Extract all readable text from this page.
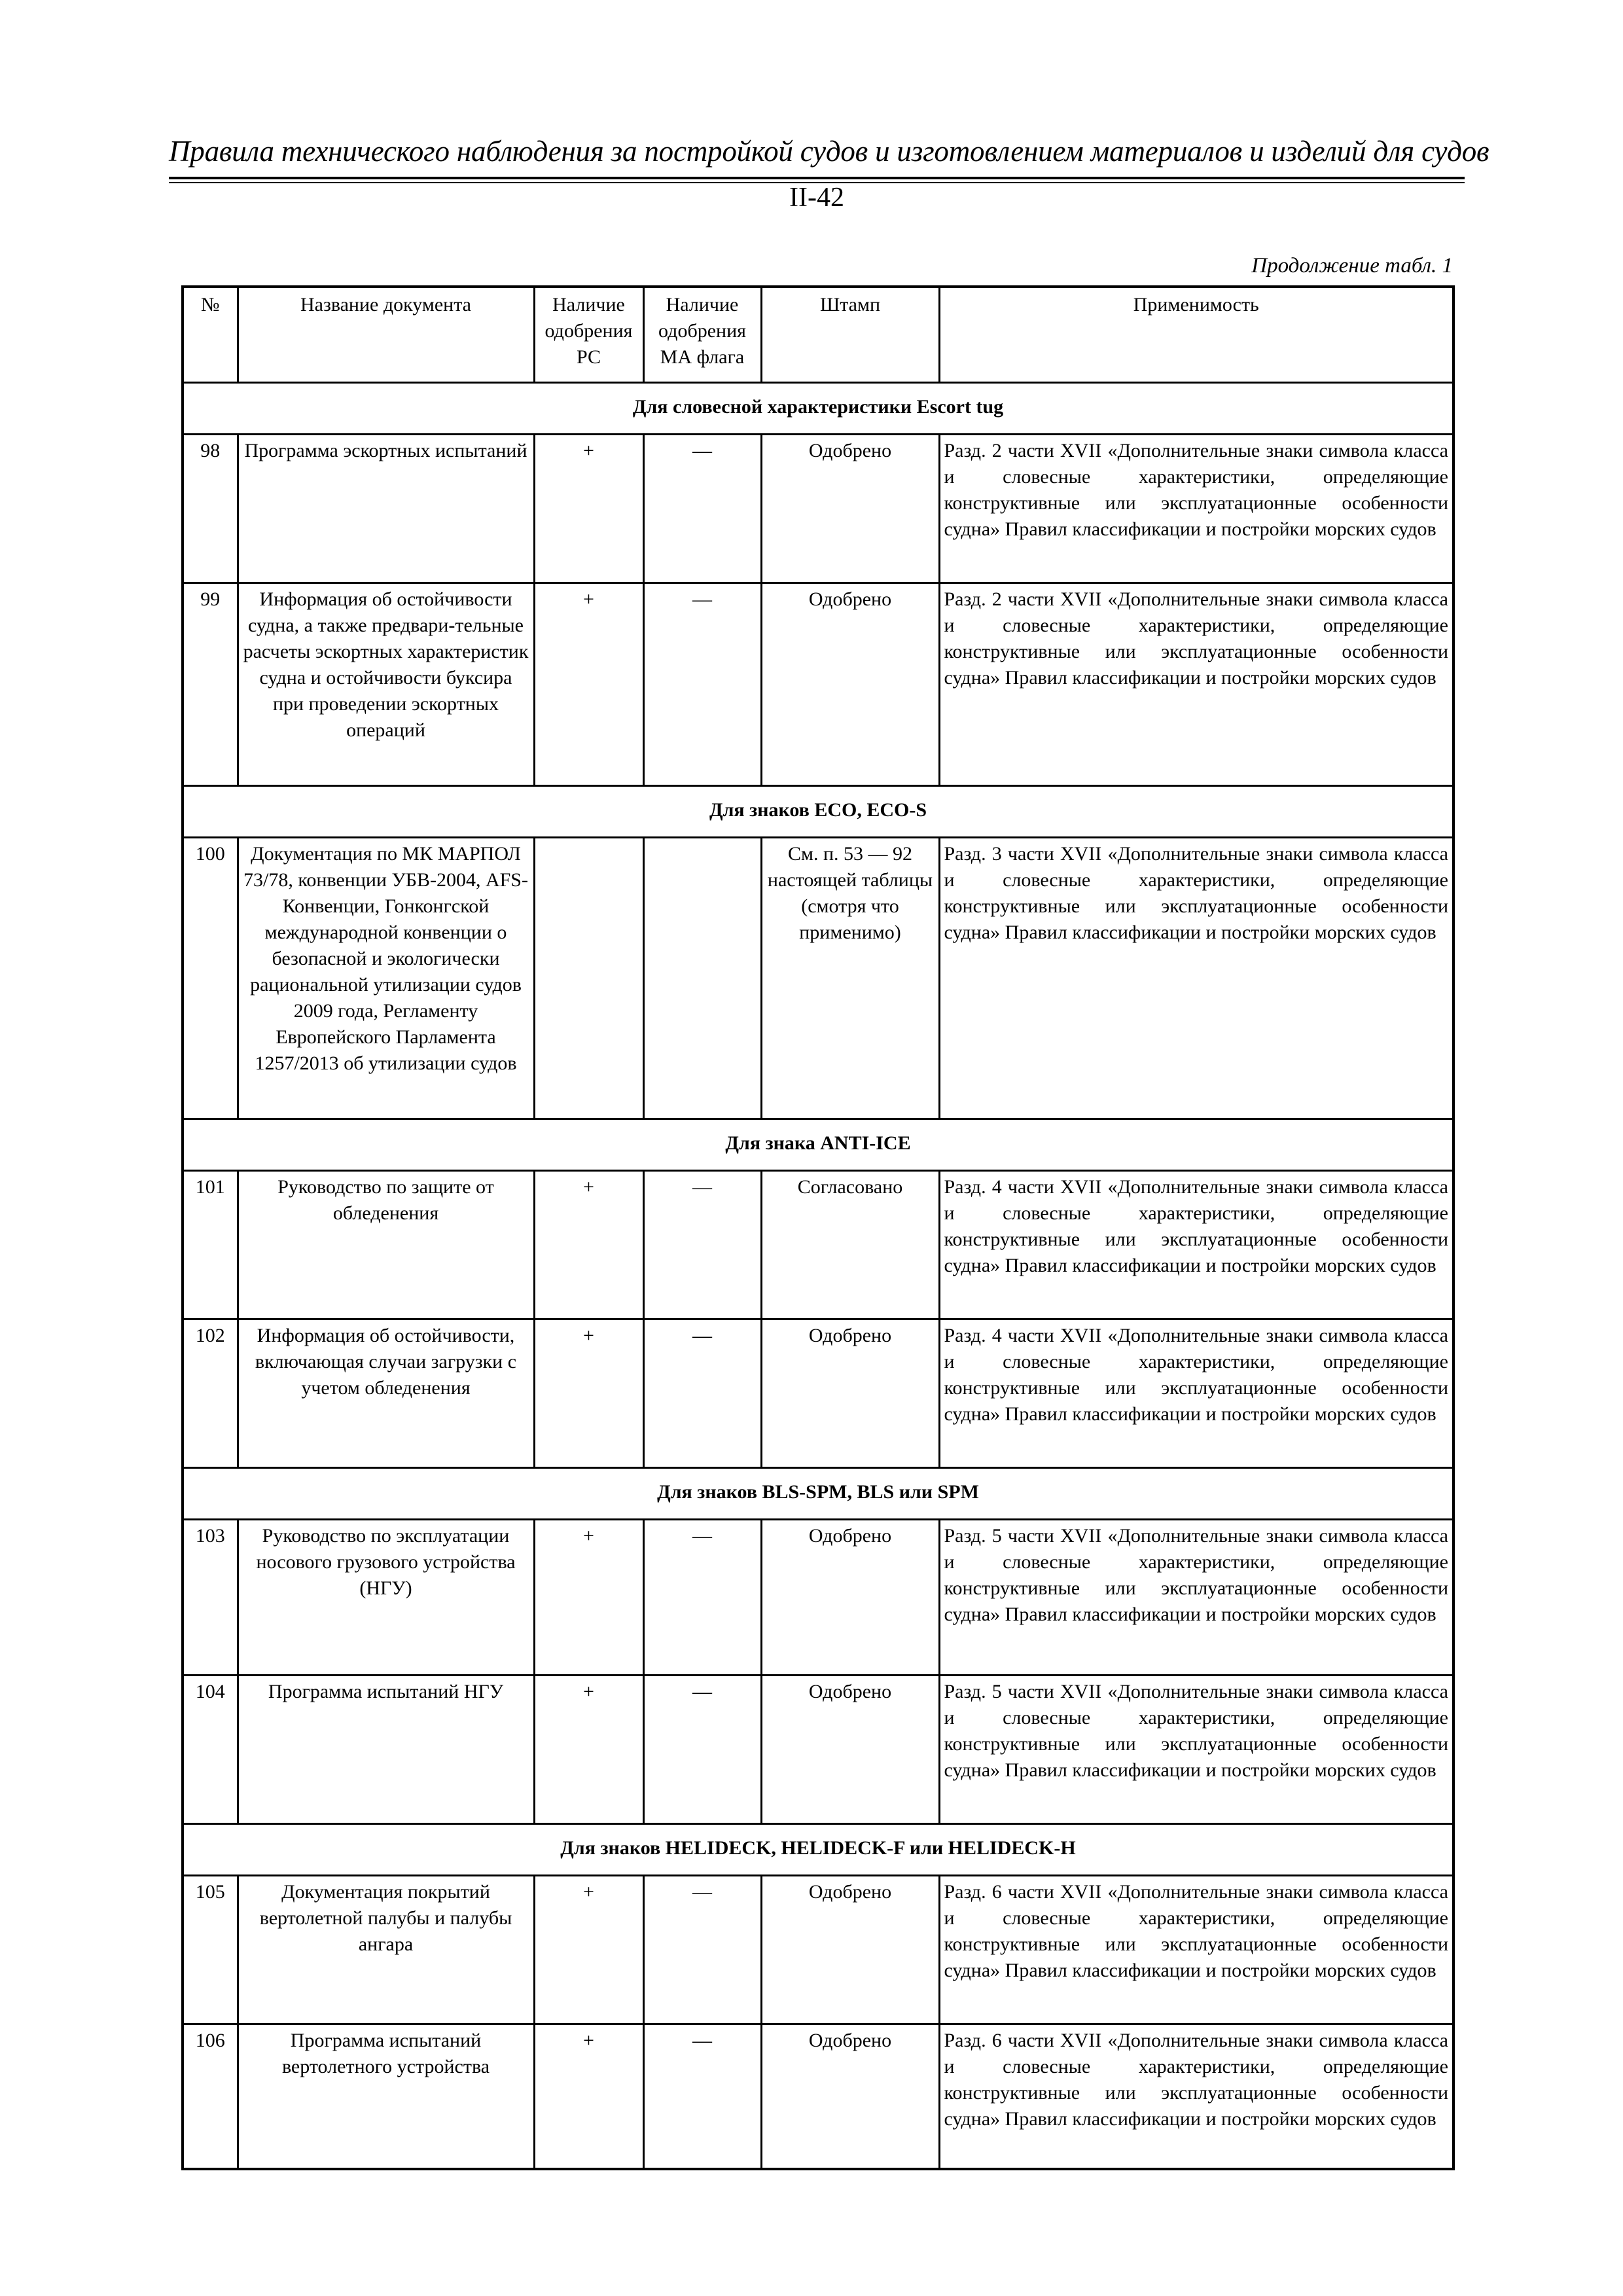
Правила технического наблюдения за постройкой судов и изготовлением материалов и изделий для судов
II-42
Продолжение табл. 1
№	Название документа	Наличие одобрения РС	Наличие одобрения МА флага	Штамп	Применимость
Для словесной характеристики Escort tug					
98	Программа эскортных испытаний	+	—	Одобрено	Разд. 2 части XVII «Дополнительные знаки символа класса и словесные характеристики, определяющие конструктивные или эксплуатационные особенности судна» Правил классификации и постройки морских судов
99	Информация об остойчивости судна, а также предвари-тельные расчеты эскортных характеристик судна и остойчивости буксира при проведении эскортных операций	+	—	Одобрено	Разд. 2 части XVII «Дополнительные знаки символа класса и словесные характеристики, определяющие конструктивные или эксплуатационные особенности судна» Правил классификации и постройки морских судов
Для знаков ECO, ECO-S					
100	Документация по МК МАРПОЛ 73/78, конвенции УБВ-2004, AFS-Конвенции, Гонконгской международной конвенции о безопасной и экологически рациональной утилизации судов 2009 года, Регламенту Европейского Парламента 1257/2013 об утилизации судов			См. п. 53 — 92 настоящей таблицы (смотря что применимо)	Разд. 3 части XVII «Дополнительные знаки символа класса и словесные характеристики, определяющие конструктивные или эксплуатационные особенности судна» Правил классификации и постройки морских судов
Для знака ANTI-ICE					
101	Руководство по защите от обледенения	+	—	Согласовано	Разд. 4 части XVII «Дополнительные знаки символа класса и словесные характеристики, определяющие конструктивные или эксплуатационные особенности судна» Правил классификации и постройки морских судов
102	Информация об остойчивости, включающая случаи загрузки с учетом обледенения	+	—	Одобрено	Разд. 4 части XVII «Дополнительные знаки символа класса и словесные характеристики, определяющие конструктивные или эксплуатационные особенности судна» Правил классификации и постройки морских судов
Для знаков BLS-SPM, BLS или SPM					
103	Руководство по эксплуатации носового грузового устройства (НГУ)	+	—	Одобрено	Разд. 5 части XVII «Дополнительные знаки символа класса и словесные характеристики, определяющие конструктивные или эксплуатационные особенности судна» Правил классификации и постройки морских судов
104	Программа испытаний НГУ	+	—	Одобрено	Разд. 5 части XVII «Дополнительные знаки символа класса и словесные характеристики, определяющие конструктивные или эксплуатационные особенности судна» Правил классификации и постройки морских судов
Для знаков HELIDECK, HELIDECK-F или HELIDECK-H					
105	Документация покрытий вертолетной палубы и палубы ангара	+	—	Одобрено	Разд. 6 части XVII «Дополнительные знаки символа класса и словесные характеристики, определяющие конструктивные или эксплуатационные особенности судна» Правил классификации и постройки морских судов
106	Программа испытаний вертолетного устройства	+	—	Одобрено	Разд. 6 части XVII «Дополнительные знаки символа класса и словесные характеристики, определяющие конструктивные или эксплуатационные особенности судна» Правил классификации и постройки морских судов
